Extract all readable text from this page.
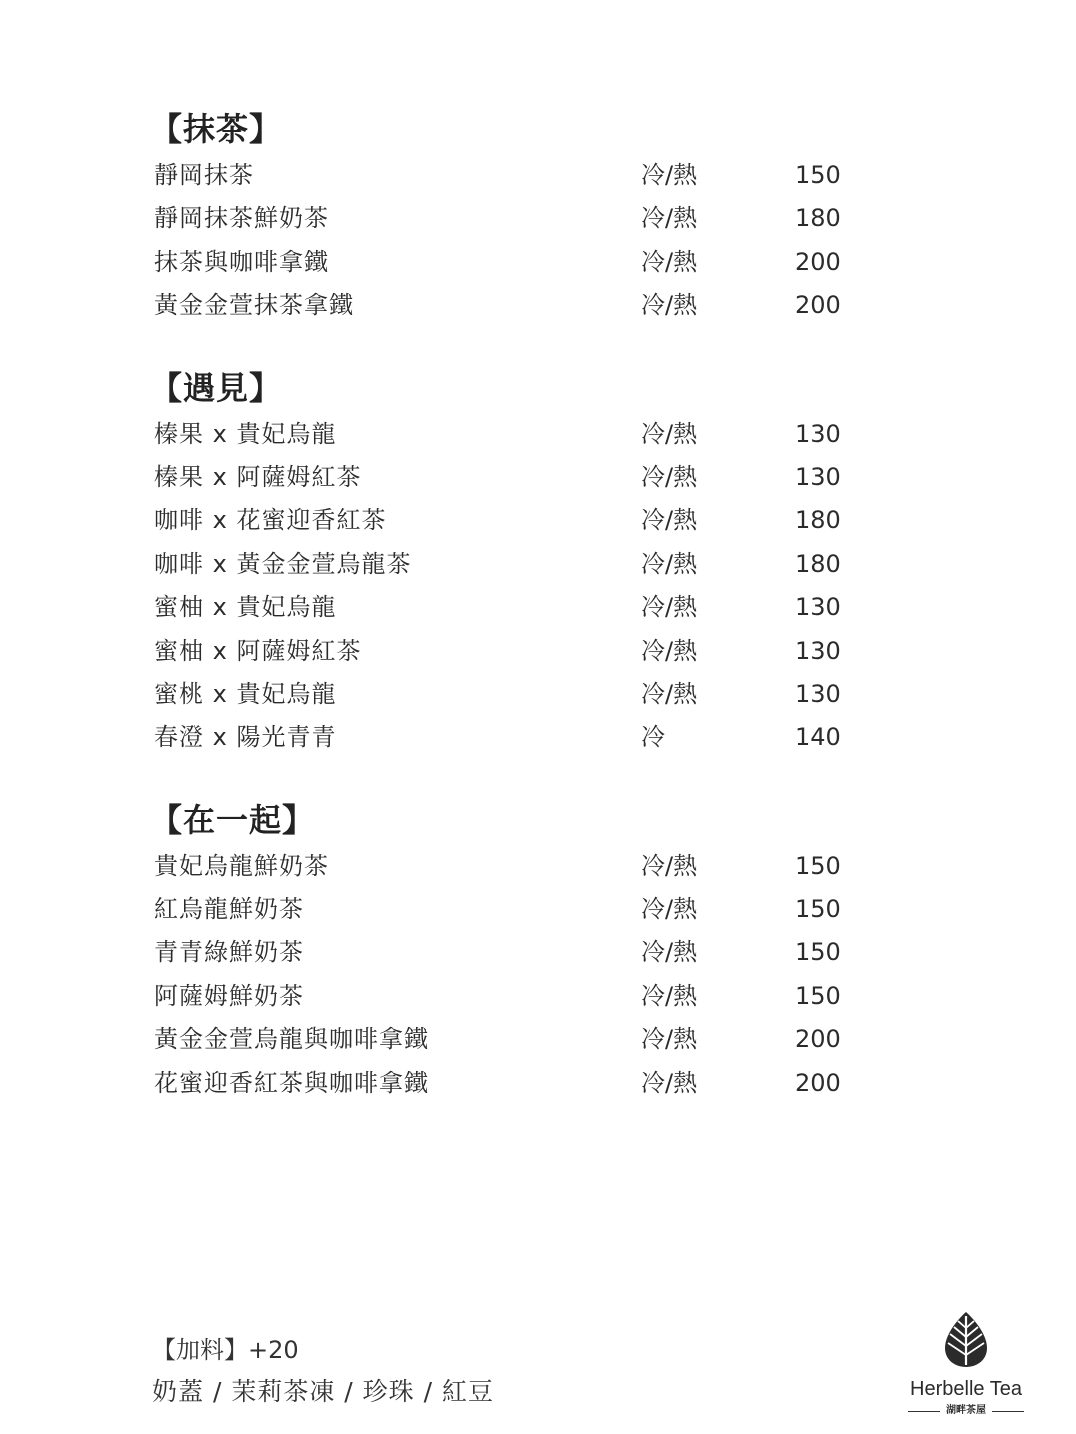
【抹茶】
靜岡抹茶	冷/熱	150
靜岡抹茶鮮奶茶	冷/熱	180
抹茶與咖啡拿鐵	冷/熱	200
黃金金萱抹茶拿鐵	冷/熱	200
【遇見】
榛果 x 貴妃烏龍	冷/熱	130
榛果 x 阿薩姆紅茶	冷/熱	130
咖啡 x 花蜜迎香紅茶	冷/熱	180
咖啡 x 黃金金萱烏龍茶	冷/熱	180
蜜柚 x 貴妃烏龍	冷/熱	130
蜜柚 x 阿薩姆紅茶	冷/熱	130
蜜桃 x 貴妃烏龍	冷/熱	130
春澄 x 陽光青青	冷	140
【在一起】
貴妃烏龍鮮奶茶	冷/熱	150
紅烏龍鮮奶茶	冷/熱	150
青青綠鮮奶茶	冷/熱	150
阿薩姆鮮奶茶	冷/熱	150
黃金金萱烏龍與咖啡拿鐵	冷/熱	200
花蜜迎香紅茶與咖啡拿鐵	冷/熱	200
【加料】+20
奶蓋 / 茉莉茶凍 / 珍珠 / 紅豆	Herbelle Tea
湖畔茶屋
